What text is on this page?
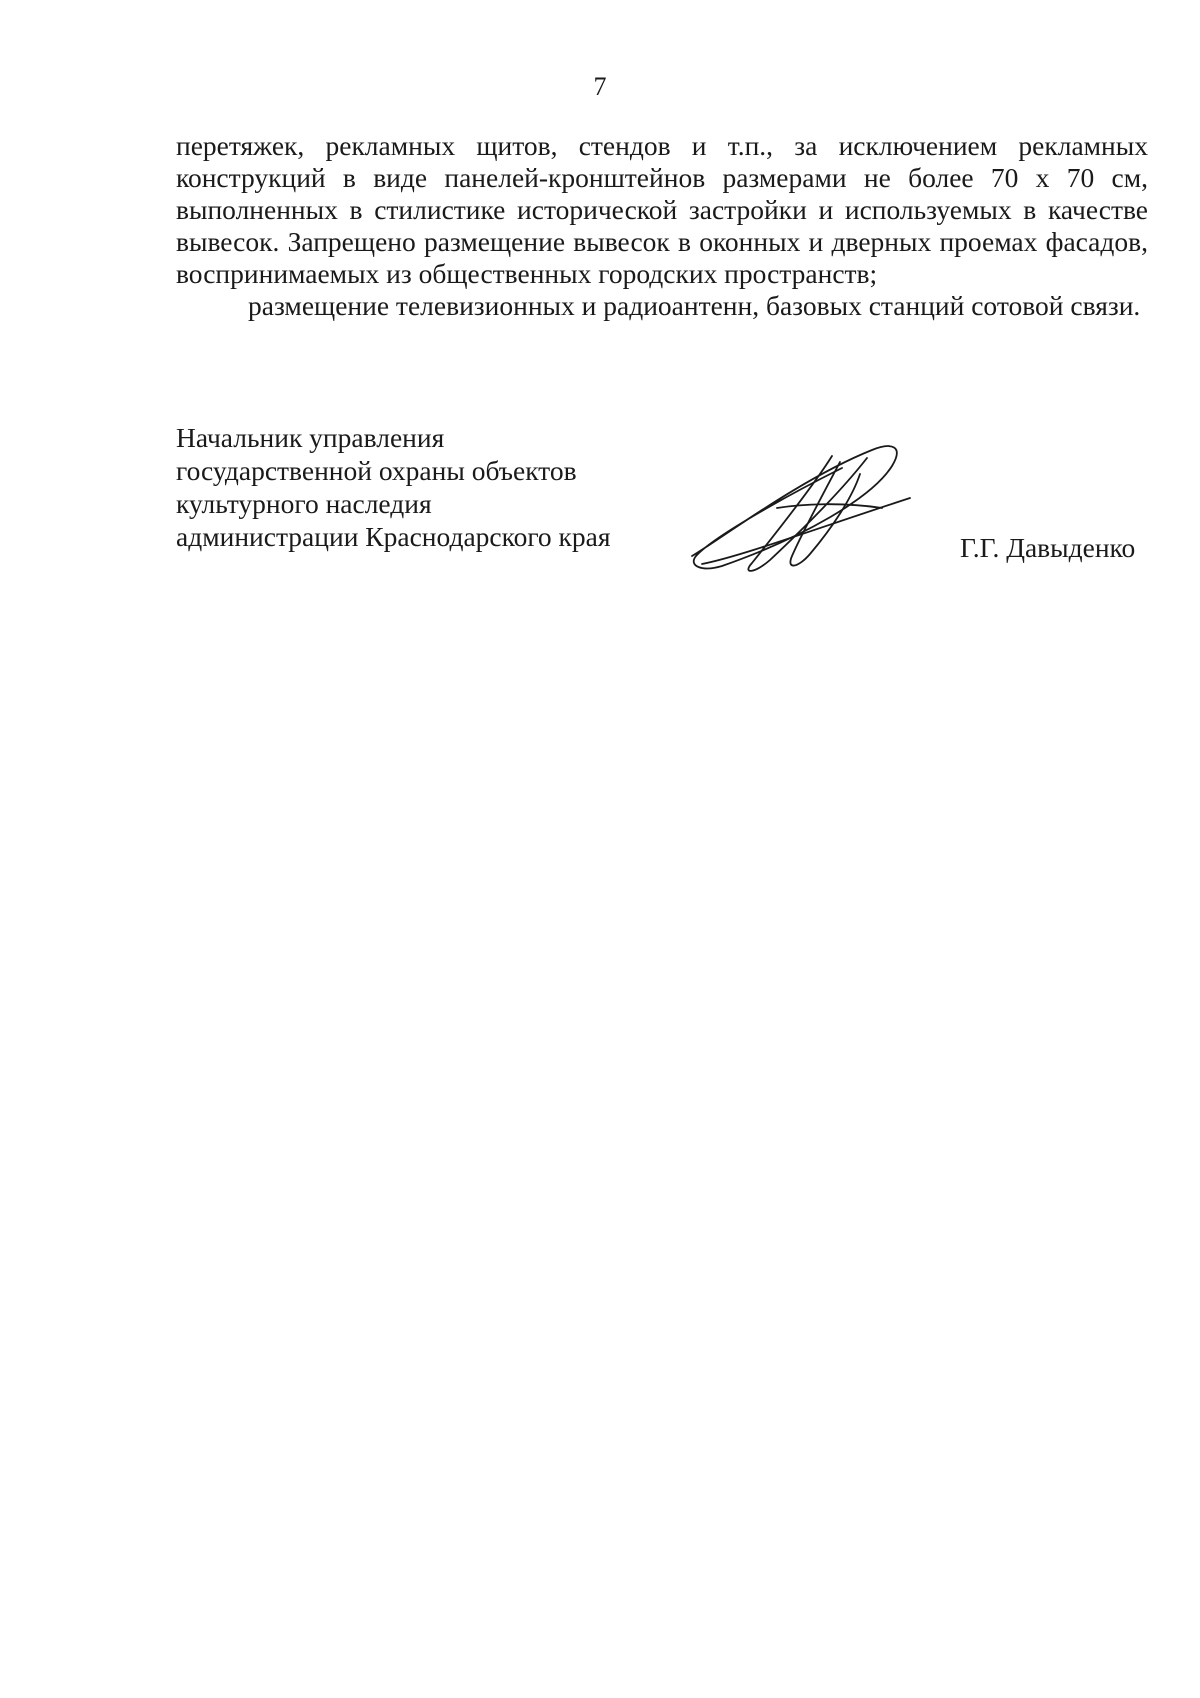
7

перетяжек, рекламных щитов, стендов и т.п., за исключением рекламных конструкций в виде панелей-кронштейнов размерами не более 70 х 70 см, выполненных в стилистике исторической застройки и используемых в качестве вывесок. Запрещено размещение вывесок в оконных и дверных проемах фасадов, воспринимаемых из общественных городских пространств;

размещение телевизионных и радиоантенн, базовых станций сотовой связи.

Начальник управления
государственной охраны объектов
культурного наследия
администрации Краснодарского края	Г.Г. Давыденко
